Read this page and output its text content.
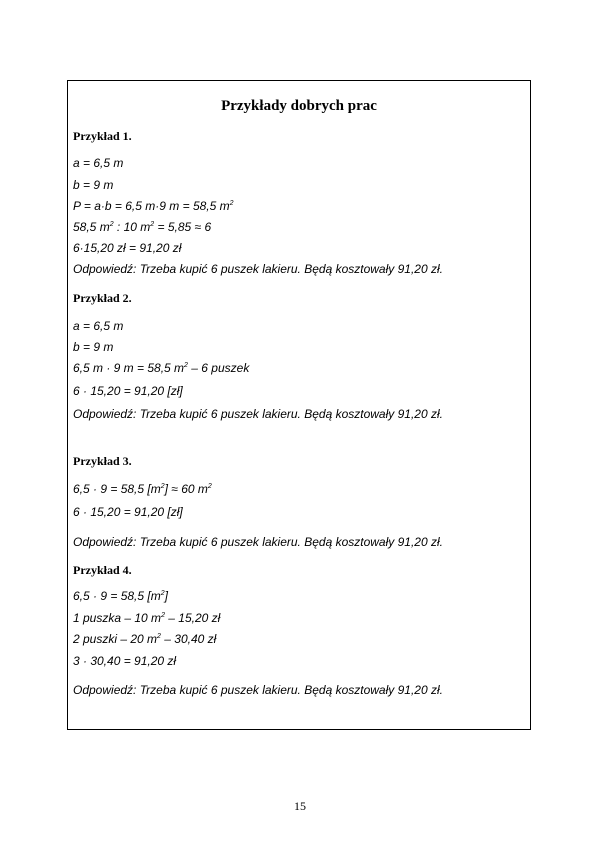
Przykłady dobrych prac
Przykład 1.
a = 6,5 m
b = 9 m
P = a·b = 6,5 m·9 m = 58,5 $m^2$
58,5 $m^2$ : 10 $m^2 = 5,85 \approx 6$
6·15,20 zł = 91,20 zł
Odpowiedź: Trzeba kupić 6 puszek lakieru. Będą kosztowały 91,20 zł.
Przykład 2.
a = 6,5 m
b = 9 m
6,5 m · 9 m = 58,5 $m^2 - 6$ puszek
6 · 15,20 = 91,20 [zł]
Odpowiedź: Trzeba kupić 6 puszek lakieru. Będą kosztowały 91,20 zł.
Przykład 3.
6,5 · 9 = 58,5 $[m^2] \approx 60$ $m^2$
6 · 15,20 = 91,20 [zł]
Odpowiedź: Trzeba kupić 6 puszek lakieru. Będą kosztowały 91,20 zł.
Przykład 4.
6,5 · 9 = 58,5 $[m^2]$
1 puszka – 10 $m^2 - 15,20$ zł
2 puszki – 20 $m^2 - 30,40$ zł
3 · 30,40 = 91,20 zł
Odpowiedź: Trzeba kupić 6 puszek lakieru. Będą kosztowały 91,20 zł.
15
